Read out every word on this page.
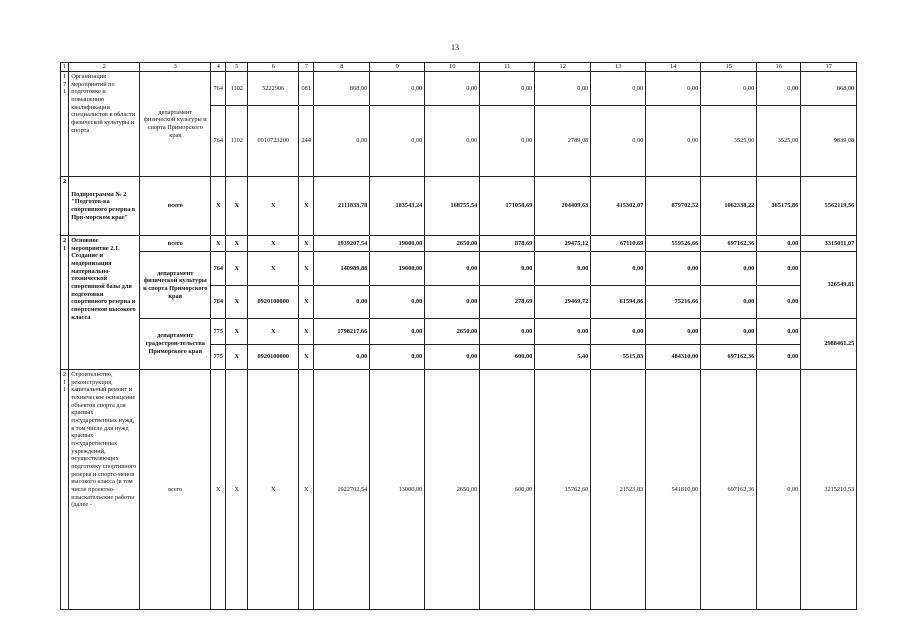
13
1	2	3	4	5	6	7	8	9	10	11	12	13	14	15	16	17
1 7 1	Организация мероприятий по подготовке и повышению квалификации специалистов в области физической культуры и спорта	департамент физической культуры и спорта Приморского края	764	1102	5222906	081	868,00	0,00	0,00	0,00	0,00	0,00	0,00	0,00	0,00	868,00
			764	1102	0910723200	244	0,00	0,00	0,00	0,00	2789,08	0,00	0,00	3525,00	3525,00	9839,08
2	Подпрограмма № 2 "Подготов-ка спортивного резерва в При-морском крае"	всего	X	X	X	X	2111833,78	183543,24	168755,54	171058,69	204409,63	415302,07	879702,52	1062338,22	365175,86	5562119,56
2 1	Основное мероприятие 2.1. Создание и модернизация материально-технической спортивной базы для подготовки спортивного резерва и спортсменов высокого класса	всего	X	X	X	X	1939207,54	19000,00	2650,00	878,69	29475,12	67110,69	559526,66	697162,36	0,00	3315011,07
		департамент физической культуры и спорта Приморского края	764	X	X	X	140989,88	19000,00	0,00	0,00	0,00	0,00	0,00	0,00	0,00	326549,81
			764	X	0920100000	X	0,00	0,00	0,00	278,69	29469,72	61594,86	75216,66	0,00	0,00	
		департамент градострои-тельства Приморского края	775	X	X	X	1798217,66	0,00	2650,00	0,00	0,00	0,00	0,00	0,00	0,00	2988461,25
			775	X	0920100000	X	0,00	0,00	0,00	600,00	5,40	5515,83	484310,00	697162,36	0,00	
2 1 1	Строительство, реконструкция, капитальный ремонт и техническое оснащение объектов спорта для краевых государственных нужд, в том числе для нужд краевых государственных учреждений, осуществляющих подготовку спортивного резерва и спортс-менов высокого класса (в том числе проектно-изыскательские работы (далее -	всего	X	X	X	X	1922702,54	13000,00	2650,00	600,00	15762,60	21523,03	541810,00	697162,36	0,00	3215210,53
